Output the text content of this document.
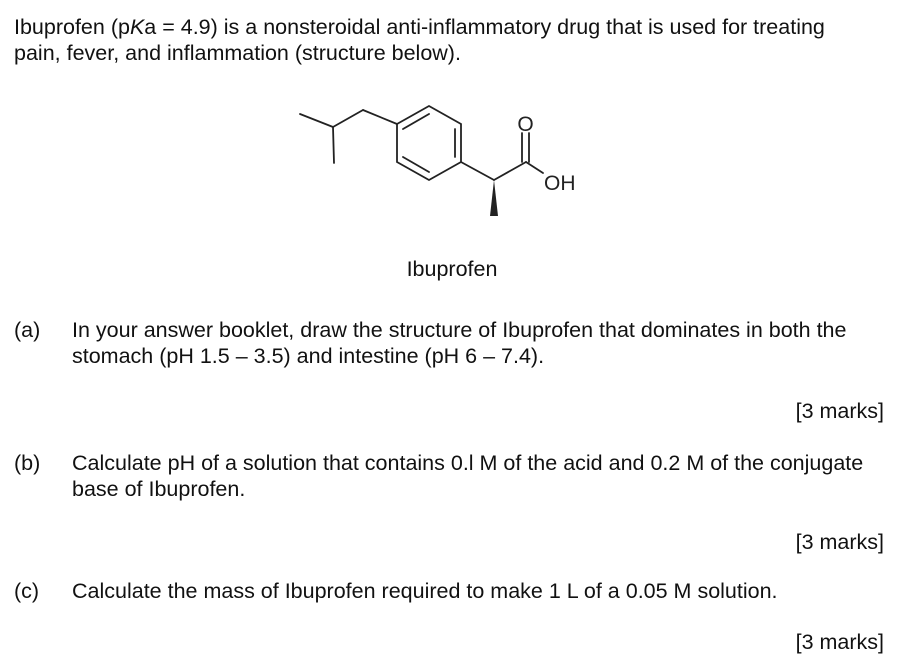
Ibuprofen (pKa = 4.9) is a nonsteroidal anti-inflammatory drug that is used for treating pain, fever, and inflammation (structure below).
O
OH
Ibuprofen
(a) In your answer booklet, draw the structure of Ibuprofen that dominates in both the stomach (pH 1.5 – 3.5) and intestine (pH 6 – 7.4).
[3 marks]
(b) Calculate pH of a solution that contains 0.l M of the acid and 0.2 M of the conjugate base of Ibuprofen.
[3 marks]
(c) Calculate the mass of Ibuprofen required to make 1 L of a 0.05 M solution.
[3 marks]
